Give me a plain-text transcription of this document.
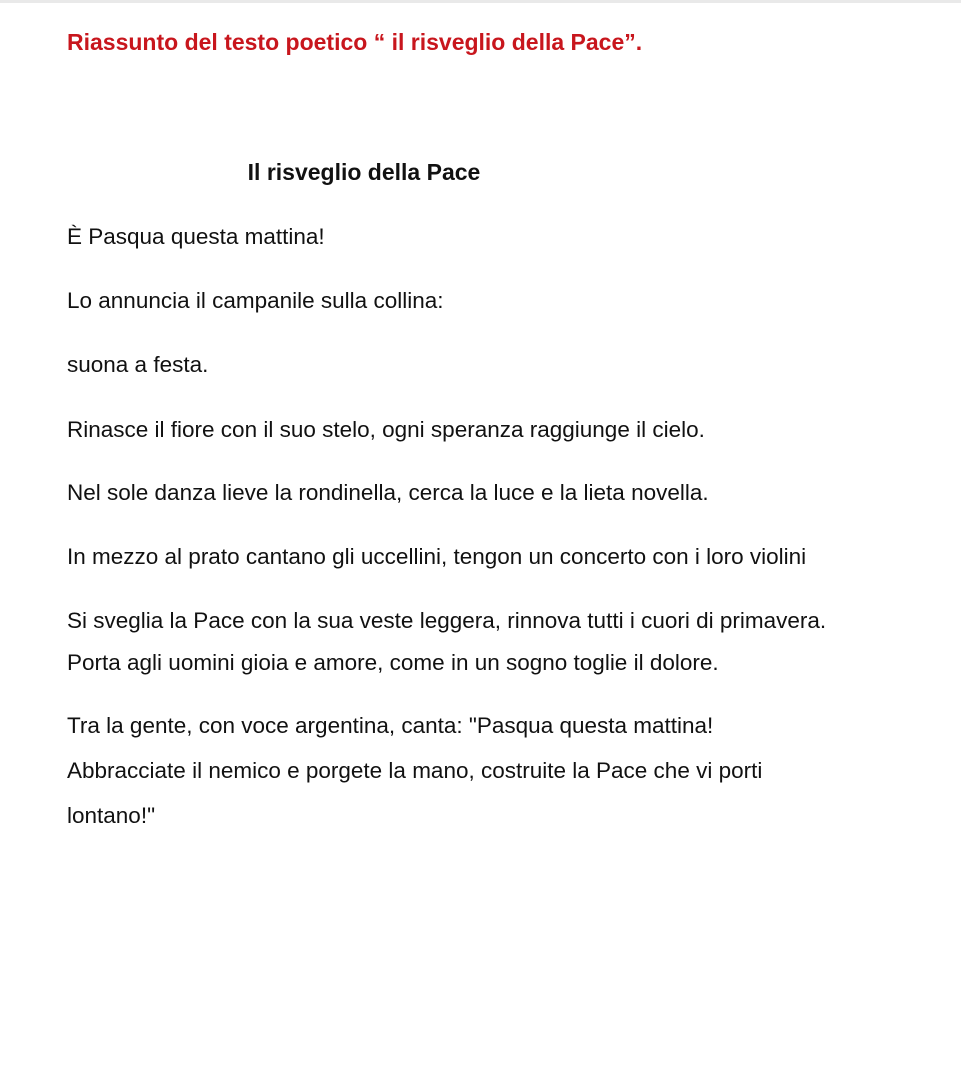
Riassunto del testo poetico “ il risveglio della Pace”.
Il risveglio della Pace

È Pasqua questa mattina!

Lo annuncia il campanile sulla collina:

suona a festa.

Rinasce il fiore con il suo stelo, ogni speranza raggiunge il cielo.

Nel sole danza lieve la rondinella, cerca la luce e la lieta novella.

In mezzo al prato cantano gli uccellini, tengon un concerto con i loro violini

Si sveglia la Pace con la sua veste leggera, rinnova tutti i cuori di primavera.

Porta agli uomini gioia e amore, come in un sogno toglie il dolore.

Tra la gente, con voce argentina, canta: "Pasqua questa mattina!

Abbracciate il nemico e porgete la mano, costruite la Pace che vi porti

lontano!"
